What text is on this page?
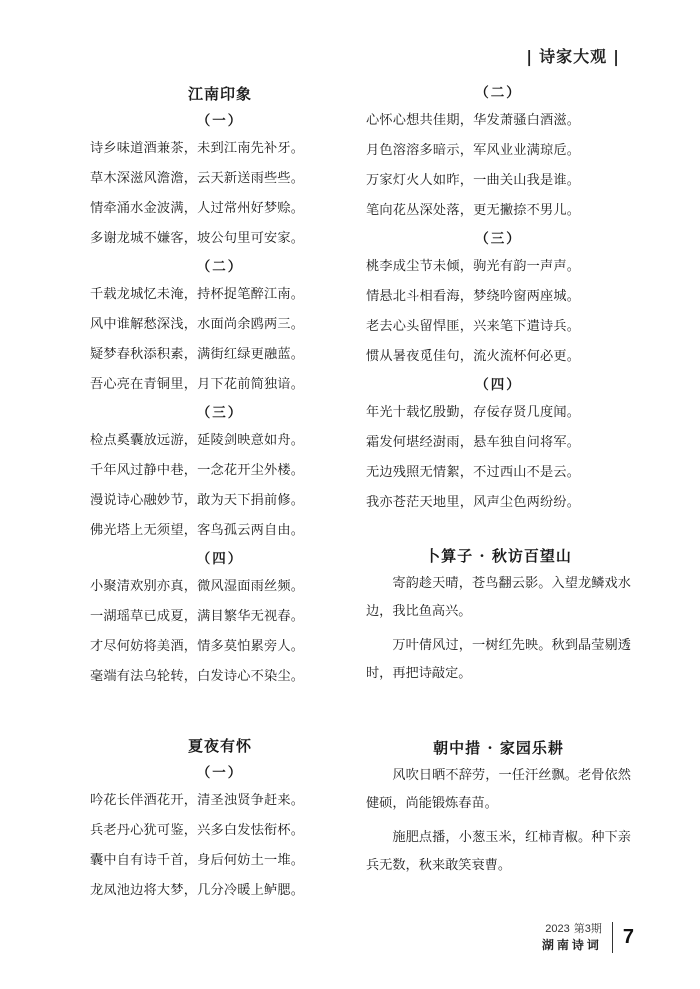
| 诗家大观 |
江南印象
（一）
诗乡味道酒兼茶，未到江南先补牙。
草木深滋风澹澹，云天新送雨些些。
情牵涌水金波满，人过常州好梦赊。
多谢龙城不嫌客，坡公句里可安家。
（二）
千载龙城忆未淹，持杯捉笔醉江南。
风中谁解愁深浅，水面尚余鸥两三。
疑梦春秋添积素，满街红绿更融蓝。
吾心亮在青铜里，月下花前简独谙。
（三）
检点奚囊放远游，延陵剑映意如舟。
千年风过静中巷，一念花开尘外楼。
漫说诗心融妙节，敢为天下捐前修。
佛光塔上无须望，客鸟孤云两自由。
（四）
小聚清欢别亦真，微风湿面雨丝频。
一湖瑶草已成夏，满目繁华无视春。
才尽何妨将美酒，情多莫怕累旁人。
毫端有法乌轮转，白发诗心不染尘。
夏夜有怀
（一）
吟花长伴酒花开，清圣浊贤争赶来。
兵老丹心犹可鉴，兴多白发怯衔杯。
囊中自有诗千首，身后何妨土一堆。
龙凤池边将大梦，几分冷暖上鲈腮。
（二）
心怀心想共佳期，华发萧骚白酒滋。
月色溶溶多暗示，军风业业满琼卮。
万家灯火人如昨，一曲关山我是谁。
笔向花丛深处落，更无撇捺不男儿。
（三）
桃李成尘节未倾，驹光有韵一声声。
情悬北斗相看海，梦绕吟窗两座城。
老去心头留悍匪，兴来笔下遣诗兵。
惯从暑夜觅佳句，流火流杯何必更。
（四）
年光十载忆殷勤，存佞存贤几度闻。
霜发何堪经澍雨，悬车独自问将军。
无边残照无情絮，不过西山不是云。
我亦苍茫天地里，风声尘色两纷纷。
卜算子 · 秋访百望山

寄韵趁天晴，苍鸟翻云影。入望龙鳞戏水边，我比鱼高兴。

万叶倩风过，一树红先映。秋到晶莹剔透时，再把诗敲定。

朝中措 · 家园乐耕

风吹日晒不辞劳，一任汗丝飘。老骨依然健硕，尚能锻炼春苗。

施肥点播，小葱玉米，红柿青椒。种下亲兵无数，秋来敢笑衰曹。

2023 第3期
湖南诗词	7
